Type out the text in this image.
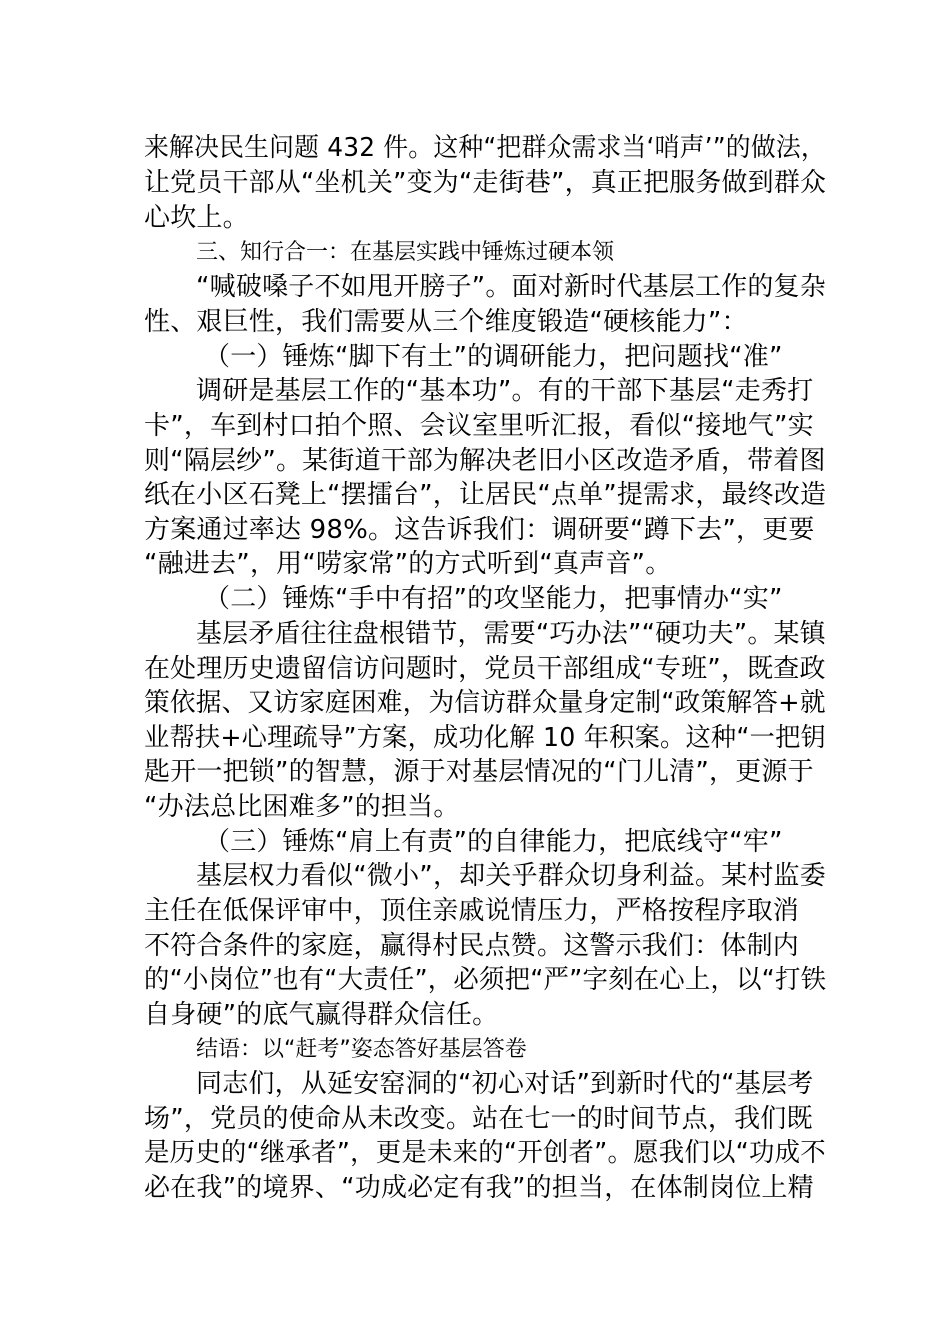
来解决民生问题 432 件。这种“把群众需求当‘哨声’”的做法，
让党员干部从“坐机关”变为“走街巷”，真正把服务做到群众
心坎上。
三、知行合一：在基层实践中锤炼过硬本领
“喊破嗓子不如甩开膀子”。面对新时代基层工作的复杂
性、艰巨性，我们需要从三个维度锻造“硬核能力”：
（一）锤炼“脚下有土”的调研能力，把问题找“准”
调研是基层工作的“基本功”。有的干部下基层“走秀打
卡”，车到村口拍个照、会议室里听汇报，看似“接地气”实
则“隔层纱”。某街道干部为解决老旧小区改造矛盾，带着图
纸在小区石凳上“摆擂台”，让居民“点单”提需求，最终改造
方案通过率达 98%。这告诉我们：调研要“蹲下去”，更要
“融进去”，用“唠家常”的方式听到“真声音”。
（二）锤炼“手中有招”的攻坚能力，把事情办“实”
基层矛盾往往盘根错节，需要“巧办法”“硬功夫”。某镇
在处理历史遗留信访问题时，党员干部组成“专班”，既查政
策依据、又访家庭困难，为信访群众量身定制“政策解答+就
业帮扶+心理疏导”方案，成功化解 10 年积案。这种“一把钥
匙开一把锁”的智慧，源于对基层情况的“门儿清”，更源于
“办法总比困难多”的担当。
（三）锤炼“肩上有责”的自律能力，把底线守“牢”
基层权力看似“微小”，却关乎群众切身利益。某村监委
主任在低保评审中，顶住亲戚说情压力，严格按程序取消
不符合条件的家庭，赢得村民点赞。这警示我们：体制内
的“小岗位”也有“大责任”，必须把“严”字刻在心上，以“打铁
自身硬”的底气赢得群众信任。
结语：以“赶考”姿态答好基层答卷
同志们，从延安窑洞的“初心对话”到新时代的“基层考
场”，党员的使命从未改变。站在七一的时间节点，我们既
是历史的“继承者”，更是未来的“开创者”。愿我们以“功成不
必在我”的境界、“功成必定有我”的担当，在体制岗位上精
